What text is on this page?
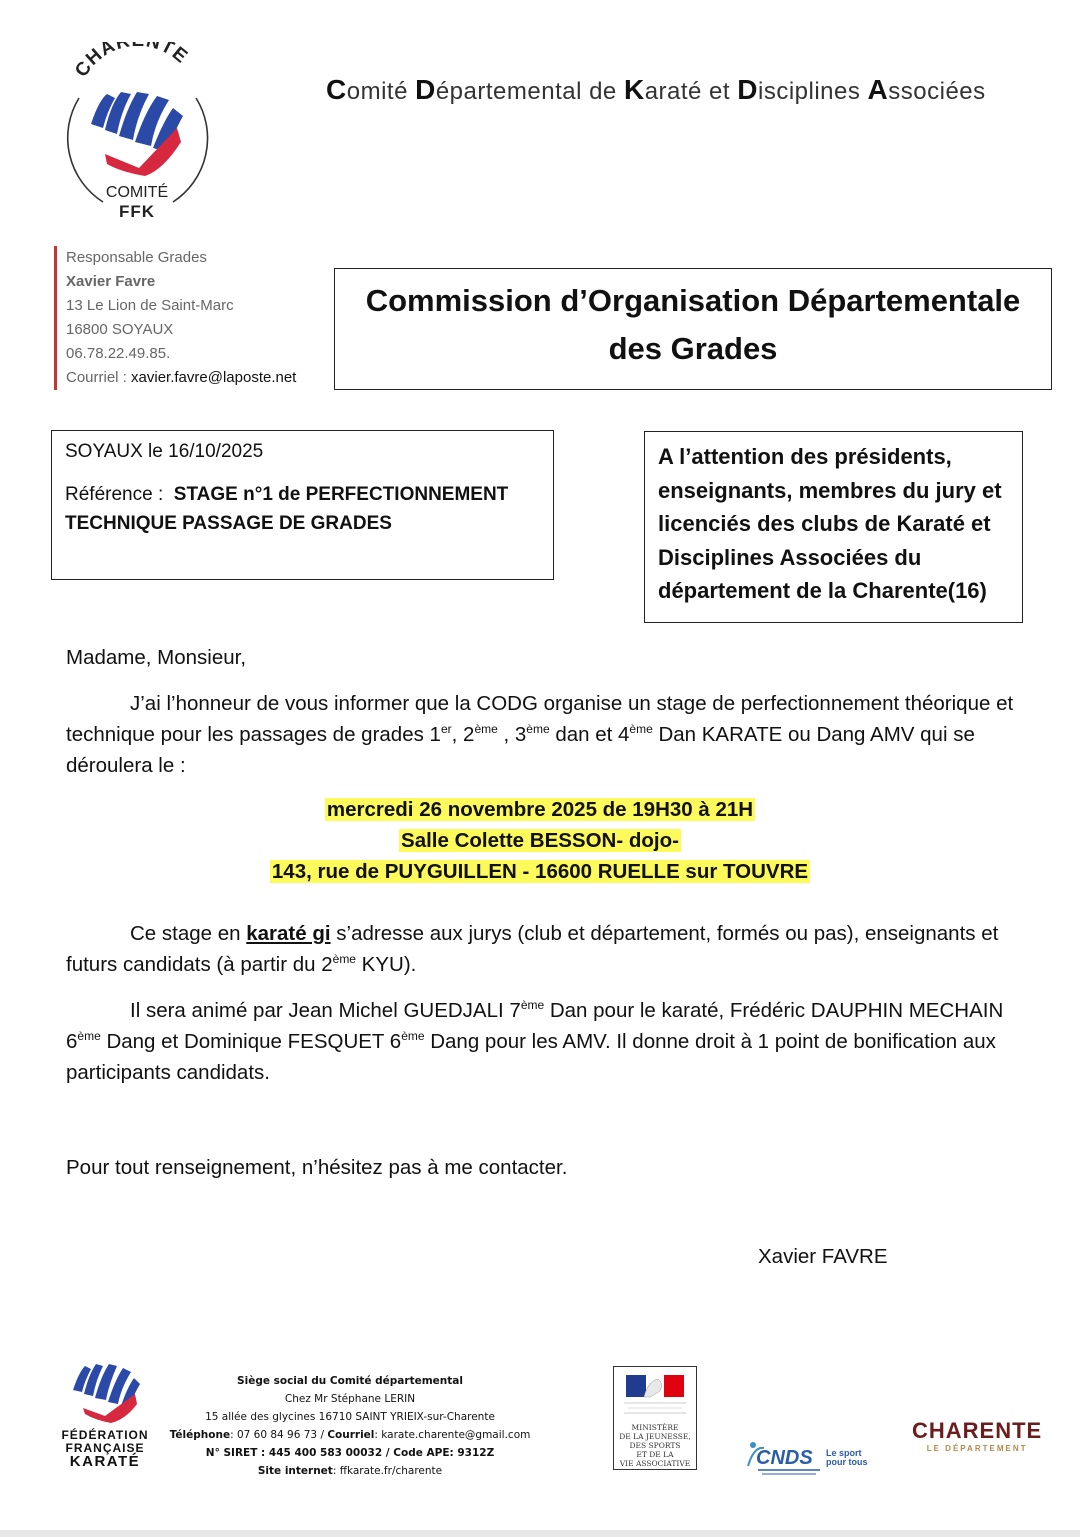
CHAR NTE
COMITÉ
FFK
Comité Départemental de Karaté et Disciplines Associées
Responsable Grades
Xavier Favre
13 Le Lion de Saint-Marc
16800 SOYAUX
06.78.22.49.85.
Courriel : xavier.favre@laposte.net
Commission d’Organisation Départementale
des Grades
SOYAUX le 16/10/2025
Référence : STAGE n°1 de PERFECTIONNEMENT
TECHNIQUE PASSAGE DE GRADES
A l’attention des présidents,
enseignants, membres du jury et
licenciés des clubs de Karaté et
Disciplines Associées du
département de la Charente(16)
Madame, Monsieur,
J’ai l’honneur de vous informer que la CODG organise un stage de perfectionnement théorique et technique pour les passages de grades 1er, 2ème , 3ème dan et 4ème Dan KARATE ou Dang AMV qui se déroulera le :
mercredi 26 novembre 2025 de 19H30 à 21H
Salle Colette BESSON- dojo-
143, rue de PUYGUILLEN - 16600 RUELLE sur TOUVRE
Ce stage en karaté gi s’adresse aux jurys (club et département, formés ou pas), enseignants et futurs candidats (à partir du 2ème KYU).
Il sera animé par Jean Michel GUEDJALI 7ème Dan pour le karaté, Frédéric DAUPHIN MECHAIN 6ème Dang et Dominique FESQUET 6ème Dang pour les AMV. Il donne droit à 1 point de bonification aux participants candidats.
Pour tout renseignement, n’hésitez pas à me contacter.
Xavier FAVRE
FÉDÉRATION
FRANÇAISE
KARATÉ
Siège social du Comité départemental
Chez Mr Stéphane LERIN
15 allée des glycines 16710 SAINT YRIEIX-sur-Charente
Téléphone: 07 60 84 96 73 / Courriel: karate.charente@gmail.com
N° SIRET : 445 400 583 00032 / Code APE: 9312Z
Site internet: ffkarate.fr/charente
MINISTÈRE
DE LA JEUNESSE,
DES SPORTS
ET DE LA
VIE ASSOCIATIVE	CNDS Le sport
pour tous
CHARENTE
LE DÉPARTEMENT
